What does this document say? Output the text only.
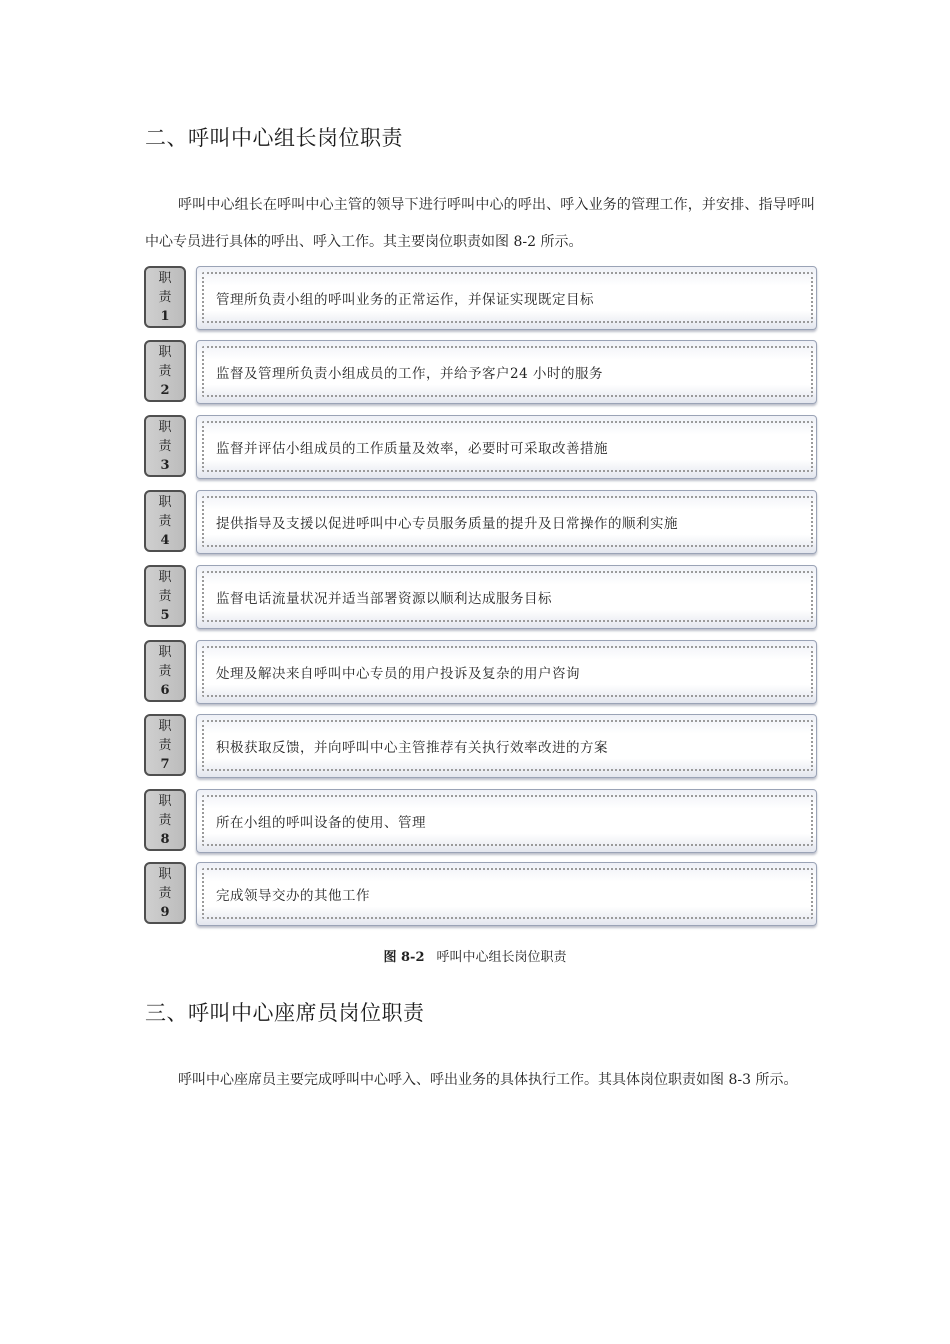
二、呼叫中心组长岗位职责

呼叫中心组长在呼叫中心主管的领导下进行呼叫中心的呼出、呼入业务的管理工作，并安排、指导呼叫中心专员进行具体的呼出、呼入工作。其主要岗位职责如图 8-2 所示。

职
责
1
管理所负责小组的呼叫业务的正常运作，并保证实现既定目标
职
责
2
监督及管理所负责小组成员的工作，并给予客户24 小时的服务
职
责
3
监督并评估小组成员的工作质量及效率，必要时可采取改善措施
职
责
4
提供指导及支援以促进呼叫中心专员服务质量的提升及日常操作的顺利实施
职
责
5
监督电话流量状况并适当部署资源以顺利达成服务目标
职
责
6
处理及解决来自呼叫中心专员的用户投诉及复杂的用户咨询
职
责
7
积极获取反馈，并向呼叫中心主管推荐有关执行效率改进的方案
职
责
8
所在小组的呼叫设备的使用、管理
职
责
9
完成领导交办的其他工作
图 8-2 呼叫中心组长岗位职责
三、呼叫中心座席员岗位职责

呼叫中心座席员主要完成呼叫中心呼入、呼出业务的具体执行工作。其具体岗位职责如图 8-3 所示。
